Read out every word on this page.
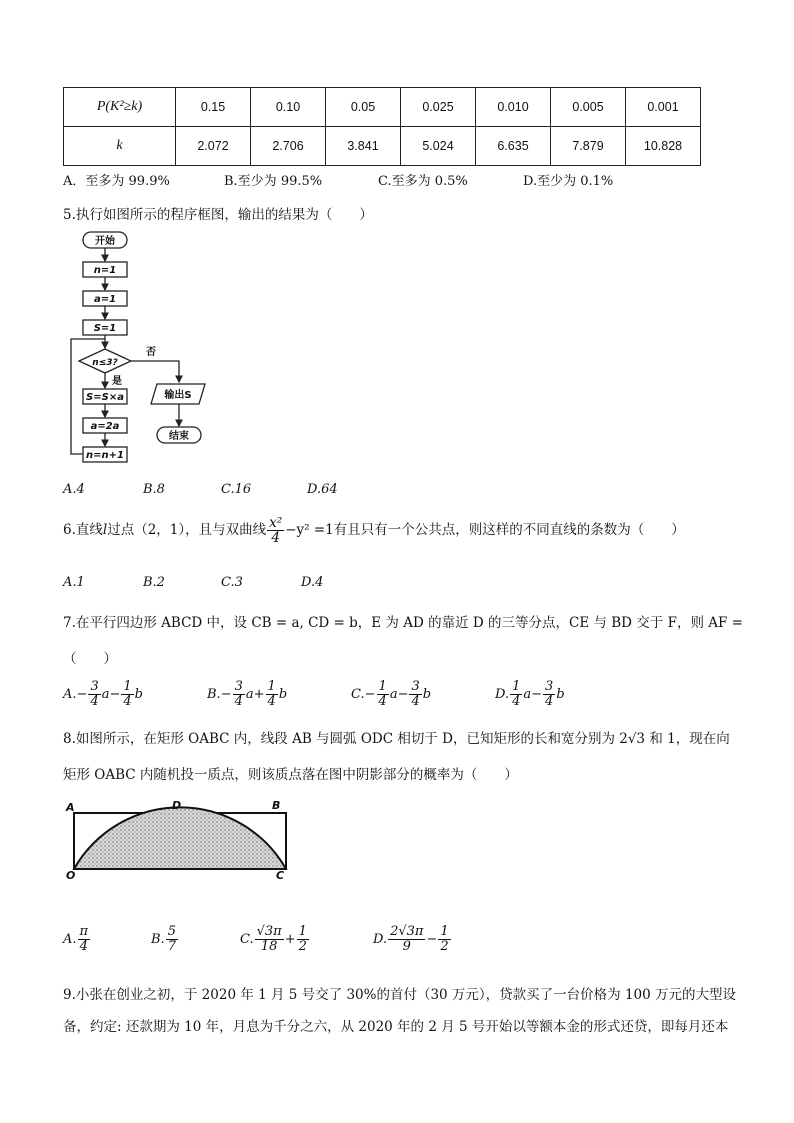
P(K²≥k)	0.15	0.10	0.05	0.025	0.010	0.005	0.001
k	2.072	2.706	3.841	5.024	6.635	7.879	10.828
A．至多为 99.9%	B.至少为 99.5%	C.至多为 0.5%	D.至少为 0.1%
5.执行如图所示的程序框图，输出的结果为（　　）
开始
n=1
a=1
S=1
n≤3?
否
是
S=S×a
a=2a
n=n+1
输出S
结束
A.4	B.8	C.16	D.64
6.直线l过点（2，1），且与双曲线 $\frac{\text{x²}}{4} -y^2 =1$有且只有一个公共点，则这样的不同直线的条数为（　　）
A.1	B.2	C.3	D.4
7.在平行四边形 ABCD 中，设 CB = a, CD = b，E 为 AD 的靠近 D 的三等分点，CE 与 BD 交于 F，则 AF =
（　　）
$A.- \frac{3}{4} a- \frac{1}{4}$ b	$B.- \frac{3}{4} a+ \frac{1}{4}$ b	$C.- \frac{1}{4} a- \frac{3}{4}$ b	D. $\frac{1}{4} a- \frac{3}{4}$ b
8.如图所示，在矩形 OABC 内，线段 AB 与圆弧 ODC 相切于 D，已知矩形的长和宽分别为 2√3 和 1，现在向
矩形 OABC 内随机投一质点，则该质点落在图中阴影部分的概率为（　　）
A	D	B
O	C
A. $\frac{\pi}{4}$	B. $\frac{5}{7}$	C. $\frac{√3\pi}{18} + \frac{1}{2}$	D. $\frac{2√3\pi}{9} - \frac{1}{2}$
9.小张在创业之初，于 2020 年 1 月 5 号交了 30%的首付（30 万元），贷款买了一台价格为 100 万元的大型设
备，约定: 还款期为 10 年，月息为千分之六，从 2020 年的 2 月 5 号开始以等额本金的形式还贷，即每月还本
